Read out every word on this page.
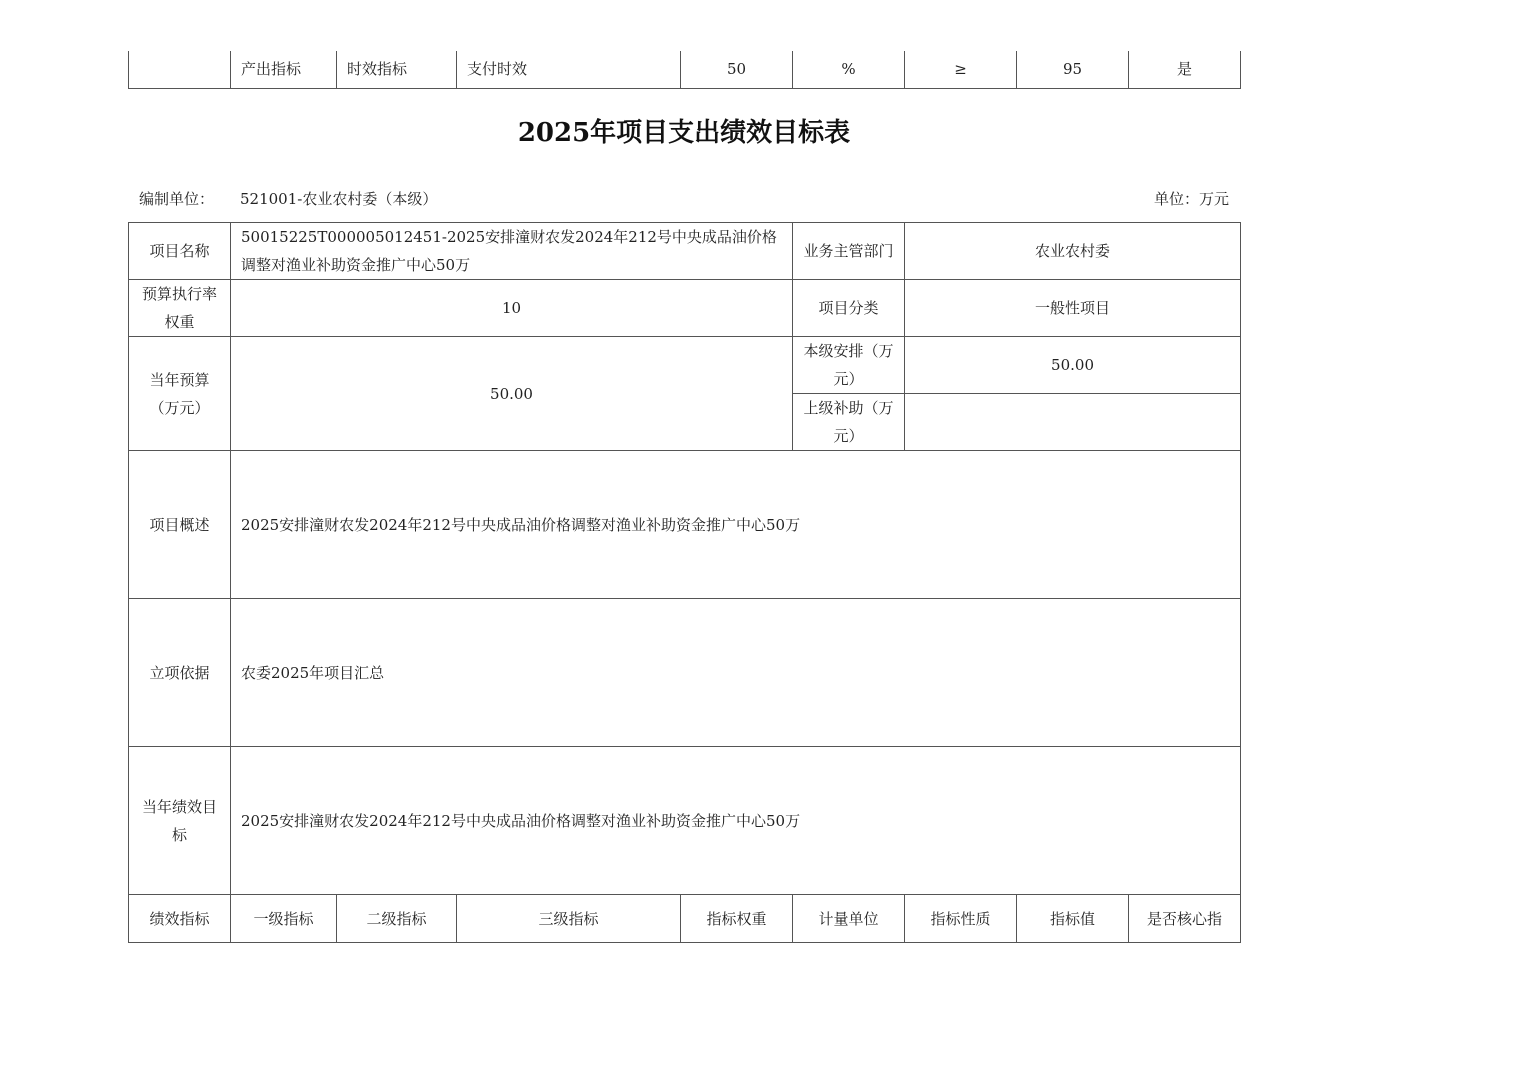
	产出指标	时效指标	支付时效	50	%	≥	95	是
2025年项目支出绩效目标表
编制单位： 521001-农业农村委（本级）	单位：万元
项目名称	50015225T000005012451-2025安排潼财农发2024年212号中央成品油价格调整对渔业补助资金推广中心50万				业务主管部门	农业农村委		
预算执行率权重	10				项目分类	一般性项目		
当年预算（万元）	50.00				本级安排（万元）	50.00		
					上级补助（万元）			
项目概述	2025安排潼财农发2024年212号中央成品油价格调整对渔业补助资金推广中心50万							
立项依据	农委2025年项目汇总							
当年绩效目标	2025安排潼财农发2024年212号中央成品油价格调整对渔业补助资金推广中心50万							
绩效指标	一级指标	二级指标	三级指标	指标权重	计量单位	指标性质	指标值	是否核心指
